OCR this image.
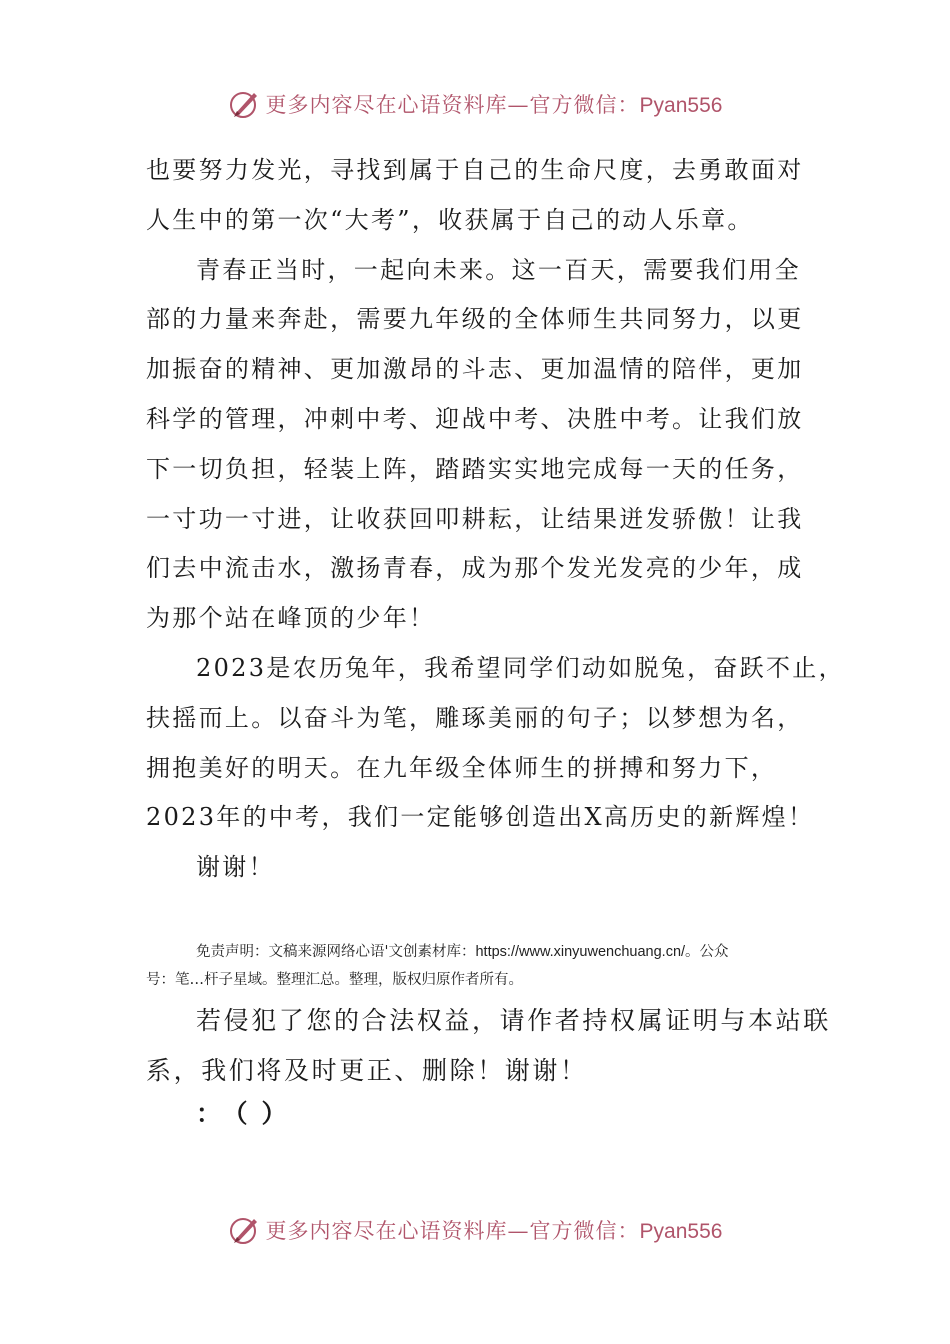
更多内容尽在心语资料库—官方微信：Pyan556

也要努力发光，寻找到属于自己的生命尺度，去勇敢面对

人生中的第一次“大考”，收获属于自己的动人乐章。

青春正当时，一起向未来。这一百天，需要我们用全

部的力量来奔赴，需要九年级的全体师生共同努力，以更

加振奋的精神、更加激昂的斗志、更加温情的陪伴，更加

科学的管理，冲刺中考、迎战中考、决胜中考。让我们放

下一切负担，轻装上阵，踏踏实实地完成每一天的任务，

一寸功一寸进，让收获回叩耕耘，让结果迸发骄傲！让我

们去中流击水，激扬青春，成为那个发光发亮的少年，成

为那个站在峰顶的少年！

2023是农历兔年，我希望同学们动如脱兔，奋跃不止，

扶摇而上。以奋斗为笔，雕琢美丽的句子；以梦想为名，

拥抱美好的明天。在九年级全体师生的拼搏和努力下，

2023年的中考，我们一定能够创造出X高历史的新辉煌！

谢谢！

免责声明：文稿来源网络心语'文创素材库：https://www.xinyuwenchuang.cn/。公众
号：笔…杆子星域。整理汇总。整理，版权归原作者所有。
若侵犯了您的合法权益，请作者持权属证明与本站联
系，我们将及时更正、删除！谢谢！
：（）
更多内容尽在心语资料库—官方微信：Pyan556
